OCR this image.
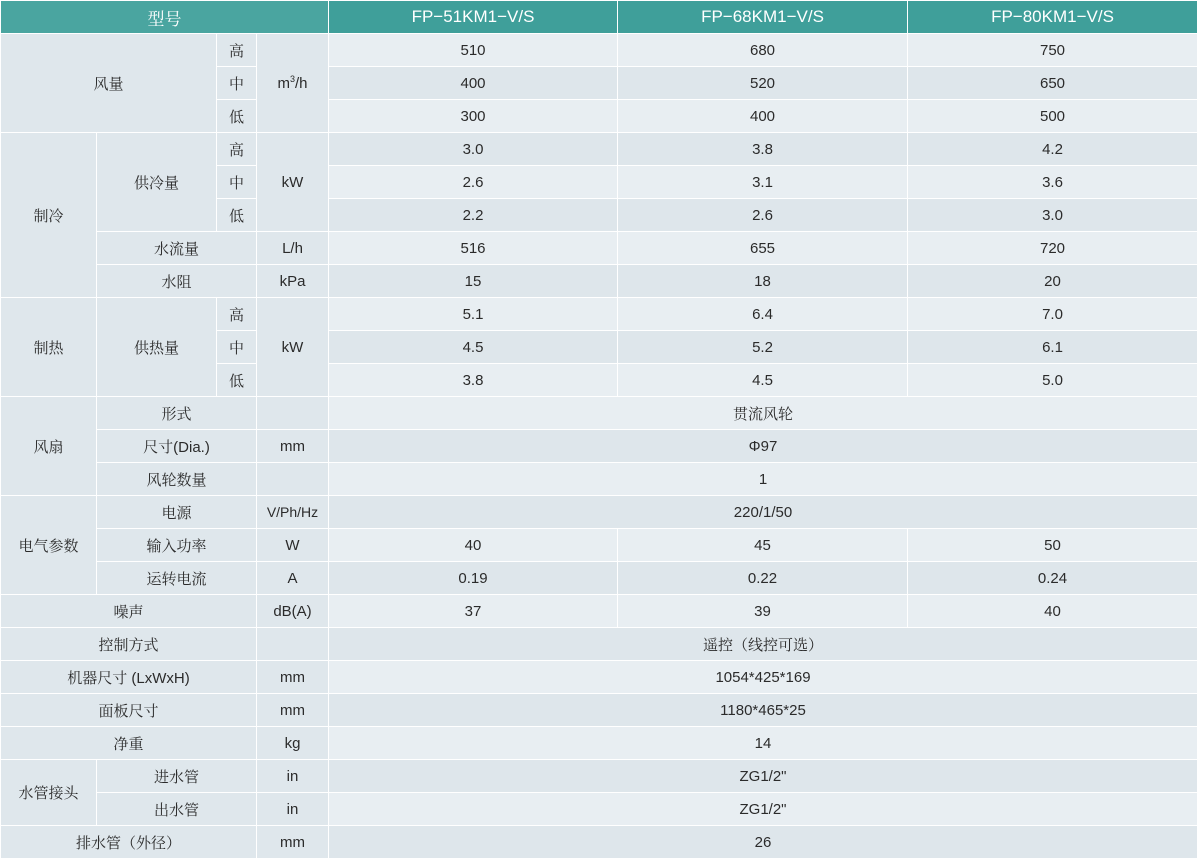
型号				FP−51KM1−V/S	FP−68KM1−V/S	FP−80KM1−V/S
风量		高	$m^3/h$	510	680	750
		中		400	520	650
		低		300	400	500
制冷	供冷量	高	kW	3.0	3.8	4.2
		中		2.6	3.1	3.6
		低		2.2	2.6	3.0
	水流量		L/h	516	655	720
	水阻		kPa	15	18	20
制热	供热量	高	kW	5.1	6.4	7.0
		中		4.5	5.2	6.1
		低		3.8	4.5	5.0
风扇	形式			贯流风轮		
	尺寸(Dia.)		mm	Φ97		
	风轮数量			1		
电气参数	电源		V/Ph/Hz	220/1/50		
	输入功率		W	40	45	50
	运转电流		A	0.19	0.22	0.24
噪声			dB(A)	37	39	40
控制方式				遥控（线控可选）		
机器尺寸 (LxWxH)			mm	1054*425*169		
面板尺寸			mm	1180*465*25		
净重			kg	14		
水管接头	进水管		in	ZG1/2"		
	出水管		in	ZG1/2"		
排水管（外径）			mm	26		
